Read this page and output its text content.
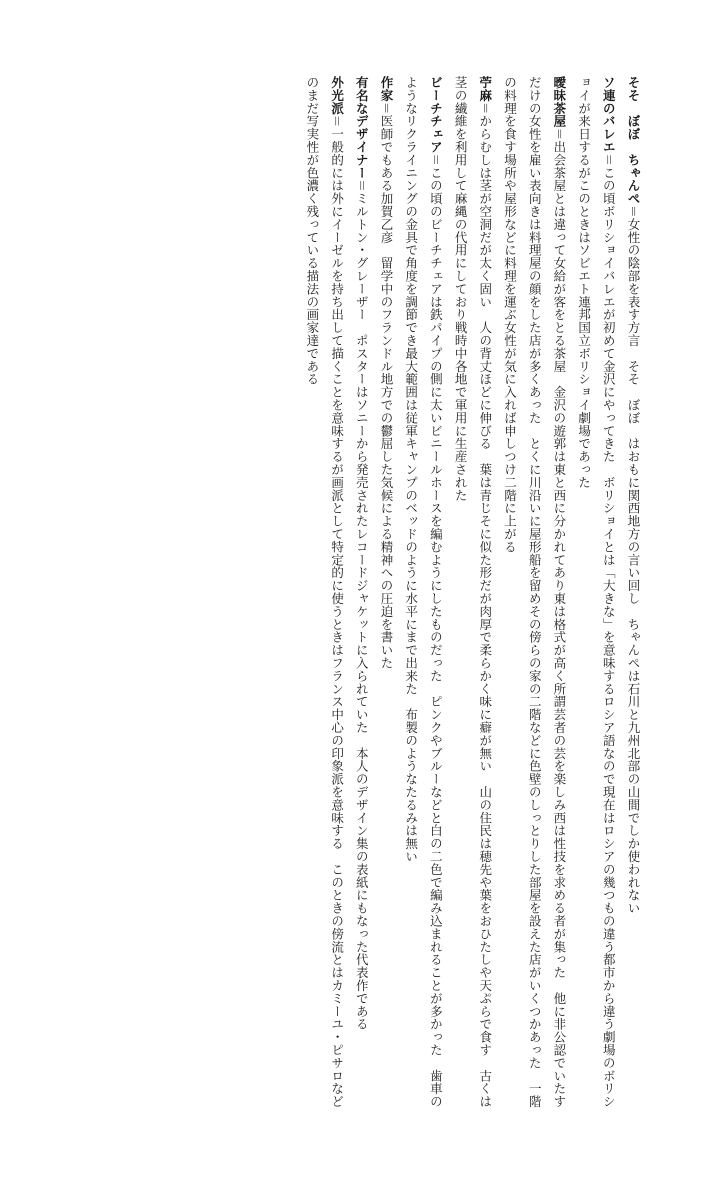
そそ　ぼぼ　ちゃんぺ＝女性の陰部を表す方言　そそ　ぼぼ　はおもに関西地方の言い回し　ちゃんぺは石川と九州北部の山間でしか使われない

ソ連のバレエ＝この頃ボリショイバレエが初めて金沢にやってきた　ボリショイとは「大きな」を意味するロシア語なので現在はロシアの幾つもの違う都市から違う劇場のボリショイが来日するがこのときはソビエト連邦国立ボリショイ劇場であった

曖昧茶屋＝出会茶屋とは違って女給が客をとる茶屋　金沢の遊郭は東と西に分かれてあり東は格式が高く所謂芸者の芸を楽しみ西は性技を求める者が集った　他に非公認でいたすだけの女性を雇い表向きは料理屋の顔をした店が多くあった　とくに川沿いに屋形船を留めその傍らの家の二階などに色壁のしっとりした部屋を設えた店がいくつかあった　一階の料理を食す場所や屋形などに料理を運ぶ女性が気に入れば申しつけ二階に上がる

苧麻＝からむしは茎が空洞だが太く固い　人の背丈ほどに伸びる　葉は青じそに似た形だが肉厚で柔らかく味に癖が無い　山の住民は穂先や葉をおひたしや天ぷらで食す　古くは茎の繊維を利用して麻縄の代用にしており戦時中各地で軍用に生産された

ビーチチェア＝この頃のビーチチェアは鉄パイプの側に太いビニールホースを編むようにしたものだった　ピンクやブルーなどと白の二色で編み込まれることが多かった　歯車のようなリクライニングの金具で角度を調節でき最大範囲は従軍キャンプのベッドのように水平にまで出来た　布製のようなたるみは無い

作家＝医師でもある加賀乙彦　留学中のフランドル地方での鬱屈した気候による精神への圧迫を書いた

有名なデザイナー＝ミルトン・グレーザー　ポスターはソニーから発売されたレコードジャケットに入られていた　本人のデザイン集の表紙にもなった代表作である

外光派＝一般的には外にイーゼルを持ち出して描くことを意味するが画派として特定的に使うときはフランス中心の印象派を意味する　このときの傍流とはカミーユ・ピサロなどのまだ写実性が色濃く残っている描法の画家達である
